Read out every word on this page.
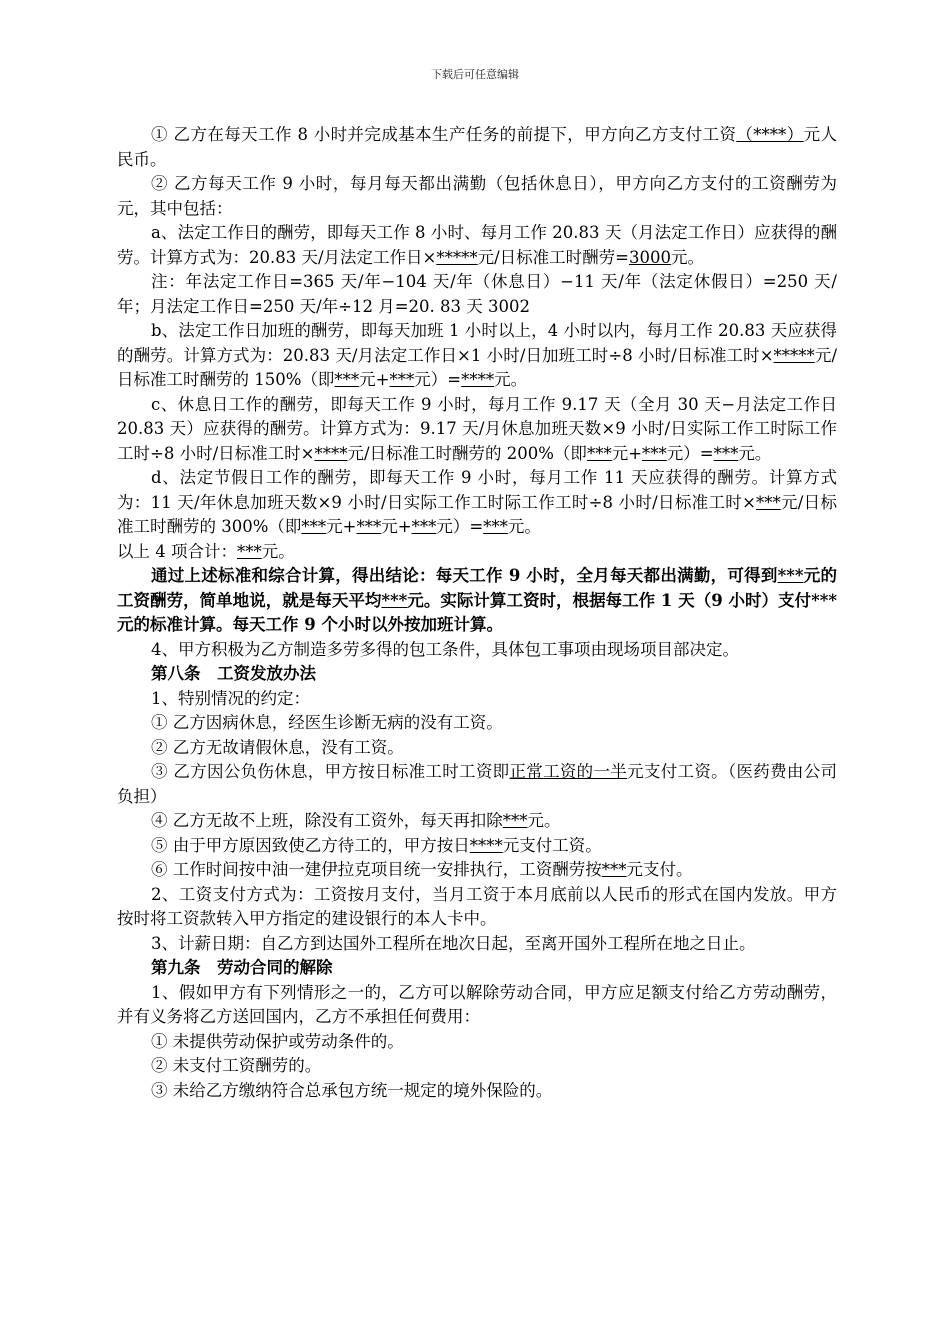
下载后可任意编辑

① 乙方在每天工作 8 小时并完成基本生产任务的前提下，甲方向乙方支付工资（****）元人民币。

② 乙方每天工作 9 小时，每月每天都出满勤（包括休息日），甲方向乙方支付的工资酬劳为元，其中包括：

a、法定工作日的酬劳，即每天工作 8 小时、每月工作 20.83 天（月法定工作日）应获得的酬劳。计算方式为：20.83 天/月法定工作日×*****元/日标准工时酬劳=3000元。

注：年法定工作日=365 天/年−104 天/年（休息日）−11 天/年（法定休假日）=250 天/年；月法定工作日=250 天/年÷12 月=20. 83 天 3002

b、法定工作日加班的酬劳，即每天加班 1 小时以上，4 小时以内，每月工作 20.83 天应获得的酬劳。计算方式为：20.83 天/月法定工作日×1 小时/日加班工时÷8 小时/日标准工时×*****元/日标准工时酬劳的 150%（即***元+***元）=****元。

c、休息日工作的酬劳，即每天工作 9 小时，每月工作 9.17 天（全月 30 天−月法定工作日 20.83 天）应获得的酬劳。计算方式为：9.17 天/月休息加班天数×9 小时/日实际工作工时际工作工时÷8 小时/日标准工时×****元/日标准工时酬劳的 200%（即***元+***元）=***元。

d、法定节假日工作的酬劳，即每天工作 9 小时，每月工作 11 天应获得的酬劳。计算方式为：11 天/年休息加班天数×9 小时/日实际工作工时际工作工时÷8 小时/日标准工时×***元/日标准工时酬劳的 300%（即***元+***元+***元）=***元。

以上 4 项合计：***元。

通过上述标准和综合计算，得出结论：每天工作 9 小时，全月每天都出满勤，可得到***元的工资酬劳，简单地说，就是每天平均***元。实际计算工资时，根据每工作 1 天（9 小时）支付***元的标准计算。每天工作 9 个小时以外按加班计算。

4、甲方积极为乙方制造多劳多得的包工条件，具体包工事项由现场项目部决定。

第八条　工资发放办法

1、特别情况的约定：

① 乙方因病休息，经医生诊断无病的没有工资。

② 乙方无故请假休息，没有工资。

③ 乙方因公负伤休息，甲方按日标准工时工资即正常工资的一半元支付工资。（医药费由公司负担）

④ 乙方无故不上班，除没有工资外，每天再扣除***元。

⑤ 由于甲方原因致使乙方待工的，甲方按日****元支付工资。

⑥ 工作时间按中油一建伊拉克项目统一安排执行，工资酬劳按***元支付。

2、工资支付方式为：工资按月支付，当月工资于本月底前以人民币的形式在国内发放。甲方按时将工资款转入甲方指定的建设银行的本人卡中。

3、计薪日期：自乙方到达国外工程所在地次日起，至离开国外工程所在地之日止。

第九条　劳动合同的解除

1、假如甲方有下列情形之一的，乙方可以解除劳动合同，甲方应足额支付给乙方劳动酬劳，并有义务将乙方送回国内，乙方不承担任何费用：

① 未提供劳动保护或劳动条件的。

② 未支付工资酬劳的。

③ 未给乙方缴纳符合总承包方统一规定的境外保险的。
